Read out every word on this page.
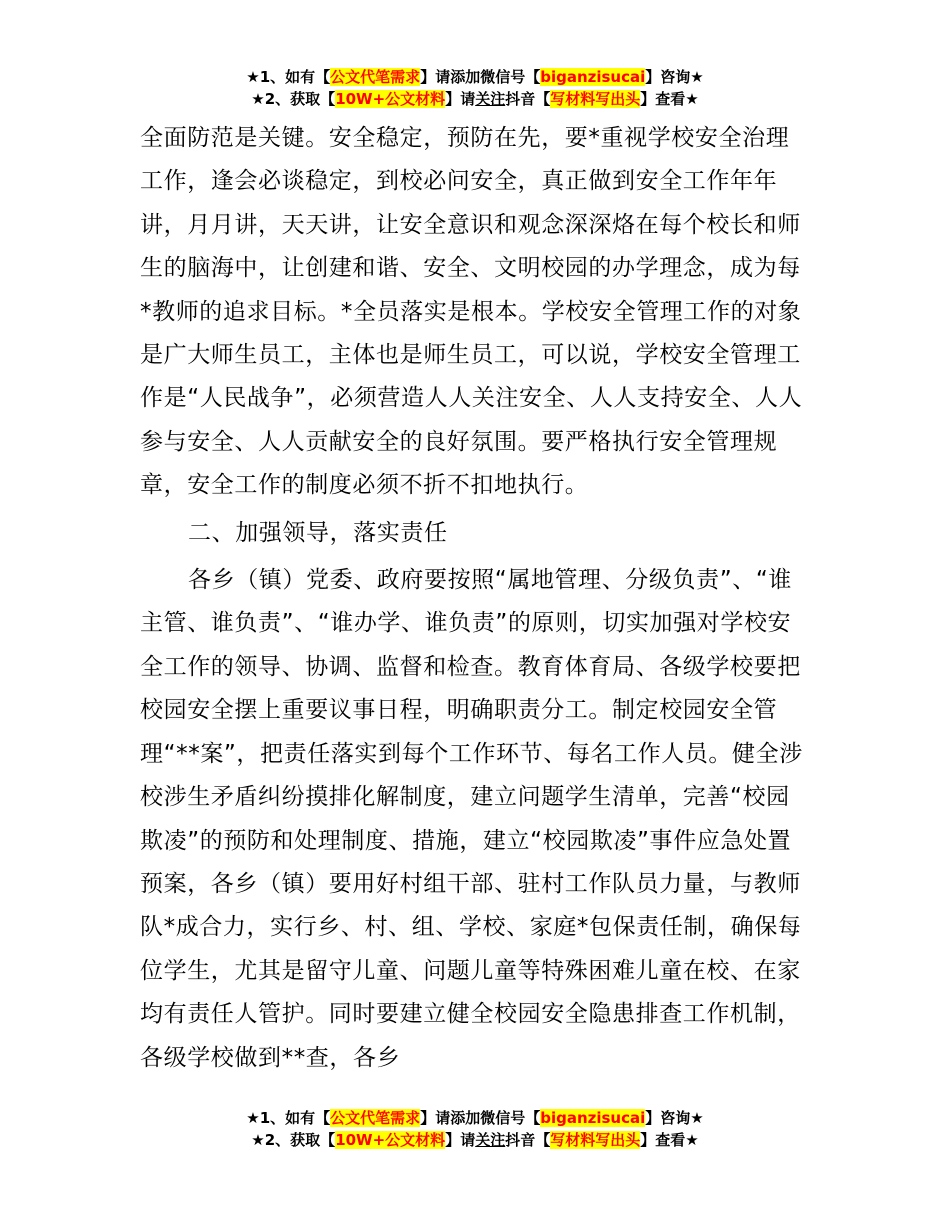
★1、如有【公文代笔需求】请添加微信号【biganzisucai】咨询★
★2、获取【10W+公文材料】请关注抖音【写材料写出头】查看★

全面防范是关键。安全稳定，预防在先，要*重视学校安全治理工作，逢会必谈稳定，到校必问安全，真正做到安全工作年年讲，月月讲，天天讲，让安全意识和观念深深烙在每个校长和师生的脑海中，让创建和谐、安全、文明校园的办学理念，成为每*教师的追求目标。*全员落实是根本。学校安全管理工作的对象是广大师生员工，主体也是师生员工，可以说，学校安全管理工作是“人民战争”，必须营造人人关注安全、人人支持安全、人人参与安全、人人贡献安全的良好氛围。要严格执行安全管理规章，安全工作的制度必须不折不扣地执行。

二、加强领导，落实责任

各乡（镇）党委、政府要按照“属地管理、分级负责”、“谁主管、谁负责”、“谁办学、谁负责”的原则，切实加强对学校安全工作的领导、协调、监督和检查。教育体育局、各级学校要把校园安全摆上重要议事日程，明确职责分工。制定校园安全管理“**案”，把责任落实到每个工作环节、每名工作人员。健全涉校涉生矛盾纠纷摸排化解制度，建立问题学生清单，完善“校园欺凌”的预防和处理制度、措施，建立“校园欺凌”事件应急处置预案，各乡（镇）要用好村组干部、驻村工作队员力量，与教师队*成合力，实行乡、村、组、学校、家庭*包保责任制，确保每位学生，尤其是留守儿童、问题儿童等特殊困难儿童在校、在家均有责任人管护。同时要建立健全校园安全隐患排查工作机制，各级学校做到**查，各乡

★1、如有【公文代笔需求】请添加微信号【biganzisucai】咨询★
★2、获取【10W+公文材料】请关注抖音【写材料写出头】查看★
